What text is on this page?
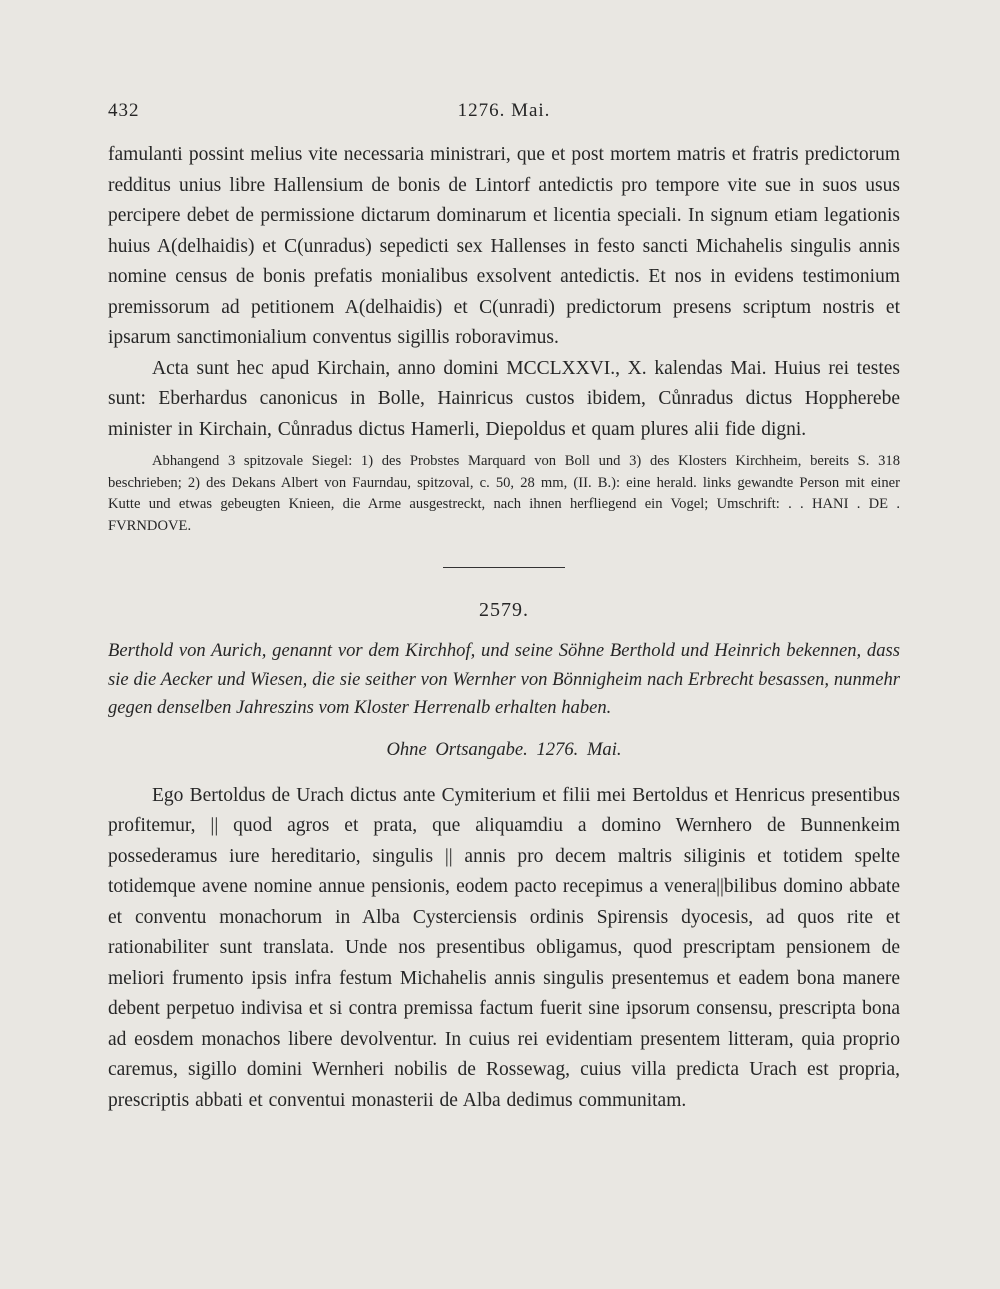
432	1276. Mai.

famulanti possint melius vite necessaria ministrari, que et post mortem matris et fratris predictorum redditus unius libre Hallensium de bonis de Lintorf antedictis pro tempore vite sue in suos usus percipere debet de permissione dictarum dominarum et licentia speciali. In signum etiam legationis huius A(delhaidis) et C(unradus) sepedicti sex Hallenses in festo sancti Michahelis singulis annis nomine census de bonis prefatis monialibus exsolvent antedictis. Et nos in evidens testimonium premissorum ad petitionem A(delhaidis) et C(unradi) predictorum presens scriptum nostris et ipsarum sanctimonialium conventus sigillis roboravimus.

Acta sunt hec apud Kirchain, anno domini MCCLXXVI., X. kalendas Mai. Huius rei testes sunt: Eberhardus canonicus in Bolle, Hainricus custos ibidem, Cůnradus dictus Hoppherebe minister in Kirchain, Cůnradus dictus Hamerli, Diepoldus et quam plures alii fide digni.

Abhangend 3 spitzovale Siegel: 1) des Probstes Marquard von Boll und 3) des Klosters Kirchheim, bereits S. 318 beschrieben; 2) des Dekans Albert von Faurndau, spitzoval, c. 50, 28 mm, (II. B.): eine herald. links gewandte Person mit einer Kutte und etwas gebeugten Knieen, die Arme ausgestreckt, nach ihnen herfliegend ein Vogel; Umschrift: . . HANI . DE . FVRNDOVE.

2579.

Berthold von Aurich, genannt vor dem Kirchhof, und seine Söhne Berthold und Heinrich bekennen, dass sie die Aecker und Wiesen, die sie seither von Wernher von Bönnigheim nach Erbrecht besassen, nunmehr gegen denselben Jahreszins vom Kloster Herrenalb erhalten haben.

Ohne Ortsangabe. 1276. Mai.

Ego Bertoldus de Urach dictus ante Cymiterium et filii mei Bertoldus et Henricus presentibus profitemur, || quod agros et prata, que aliquamdiu a domino Wernhero de Bunnenkeim possederamus iure hereditario, singulis || annis pro decem maltris siliginis et totidem spelte totidemque avene nomine annue pensionis, eodem pacto recepimus a venera||bilibus domino abbate et conventu monachorum in Alba Cysterciensis ordinis Spirensis dyocesis, ad quos rite et rationabiliter sunt translata. Unde nos presentibus obligamus, quod prescriptam pensionem de meliori frumento ipsis infra festum Michahelis annis singulis presentemus et eadem bona manere debent perpetuo indivisa et si contra premissa factum fuerit sine ipsorum consensu, prescripta bona ad eosdem monachos libere devolventur. In cuius rei evidentiam presentem litteram, quia proprio caremus, sigillo domini Wernheri nobilis de Rossewag, cuius villa predicta Urach est propria, prescriptis abbati et conventui monasterii de Alba dedimus communitam.
